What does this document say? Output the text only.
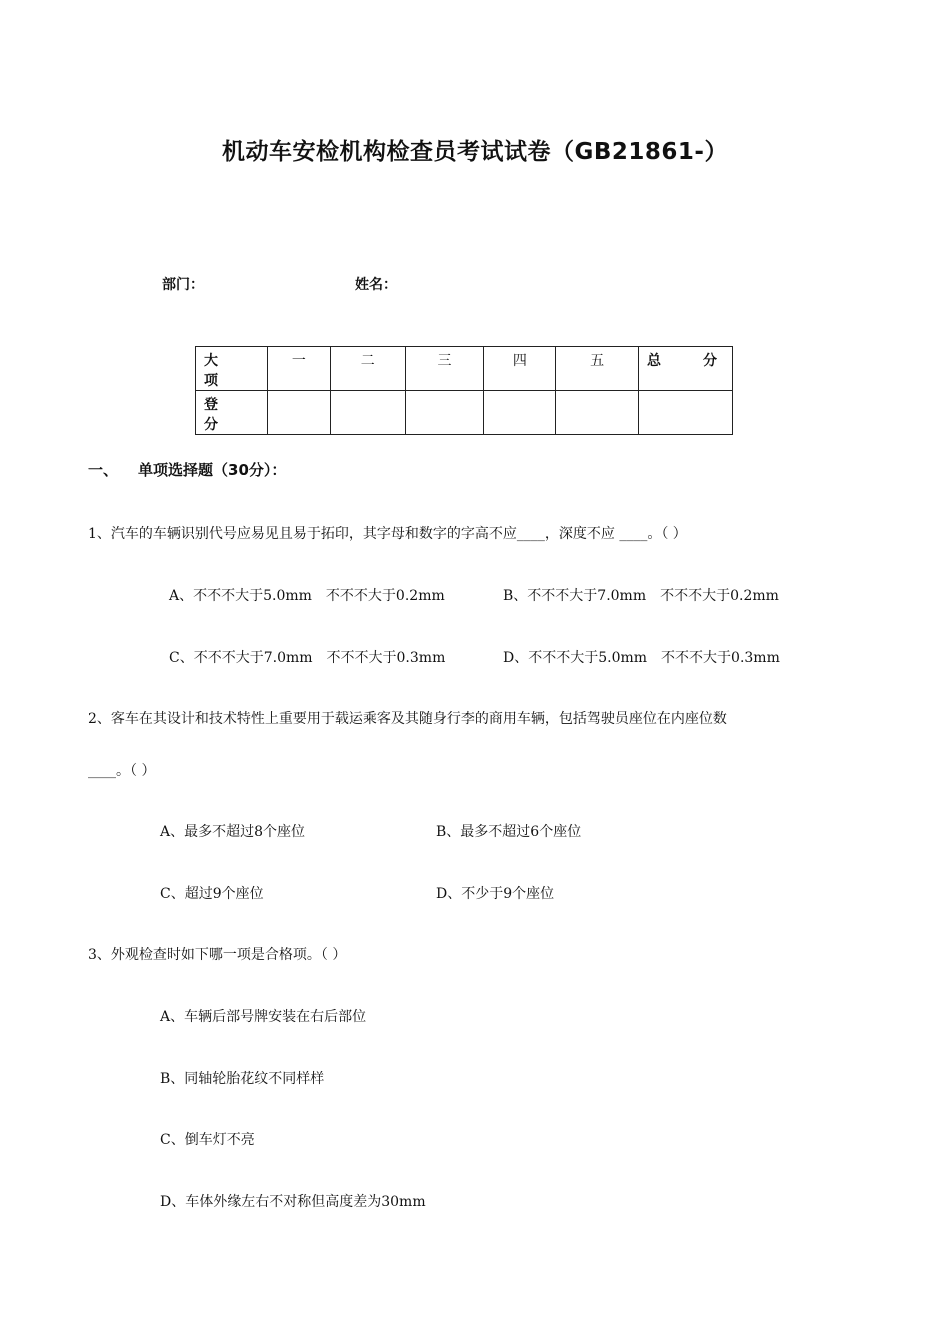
机动车安检机构检查员考试试卷（GB21861-）
部门：	姓名：
大　项	一	二	三	四	五	总　分
登　分						
一、 单项选择题（30分）：
1、汽车的车辆识别代号应易见且易于拓印，其字母和数字的字高不应____，深度不应 ____。（ ）
A、不不不大于5.0mm　不不不大于0.2mm	B、不不不大于7.0mm　不不不大于0.2mm
C、不不不大于7.0mm　不不不大于0.3mm	D、不不不大于5.0mm　不不不大于0.3mm
2、客车在其设计和技术特性上重要用于载运乘客及其随身行李的商用车辆，包括驾驶员座位在内座位数
____。（ ）
A、最多不超过8个座位	B、最多不超过6个座位
C、超过9个座位	D、不少于9个座位
3、外观检查时如下哪一项是合格项。（ ）
A、车辆后部号牌安装在右后部位
B、同轴轮胎花纹不同样样
C、倒车灯不亮
D、车体外缘左右不对称但高度差为30mm
